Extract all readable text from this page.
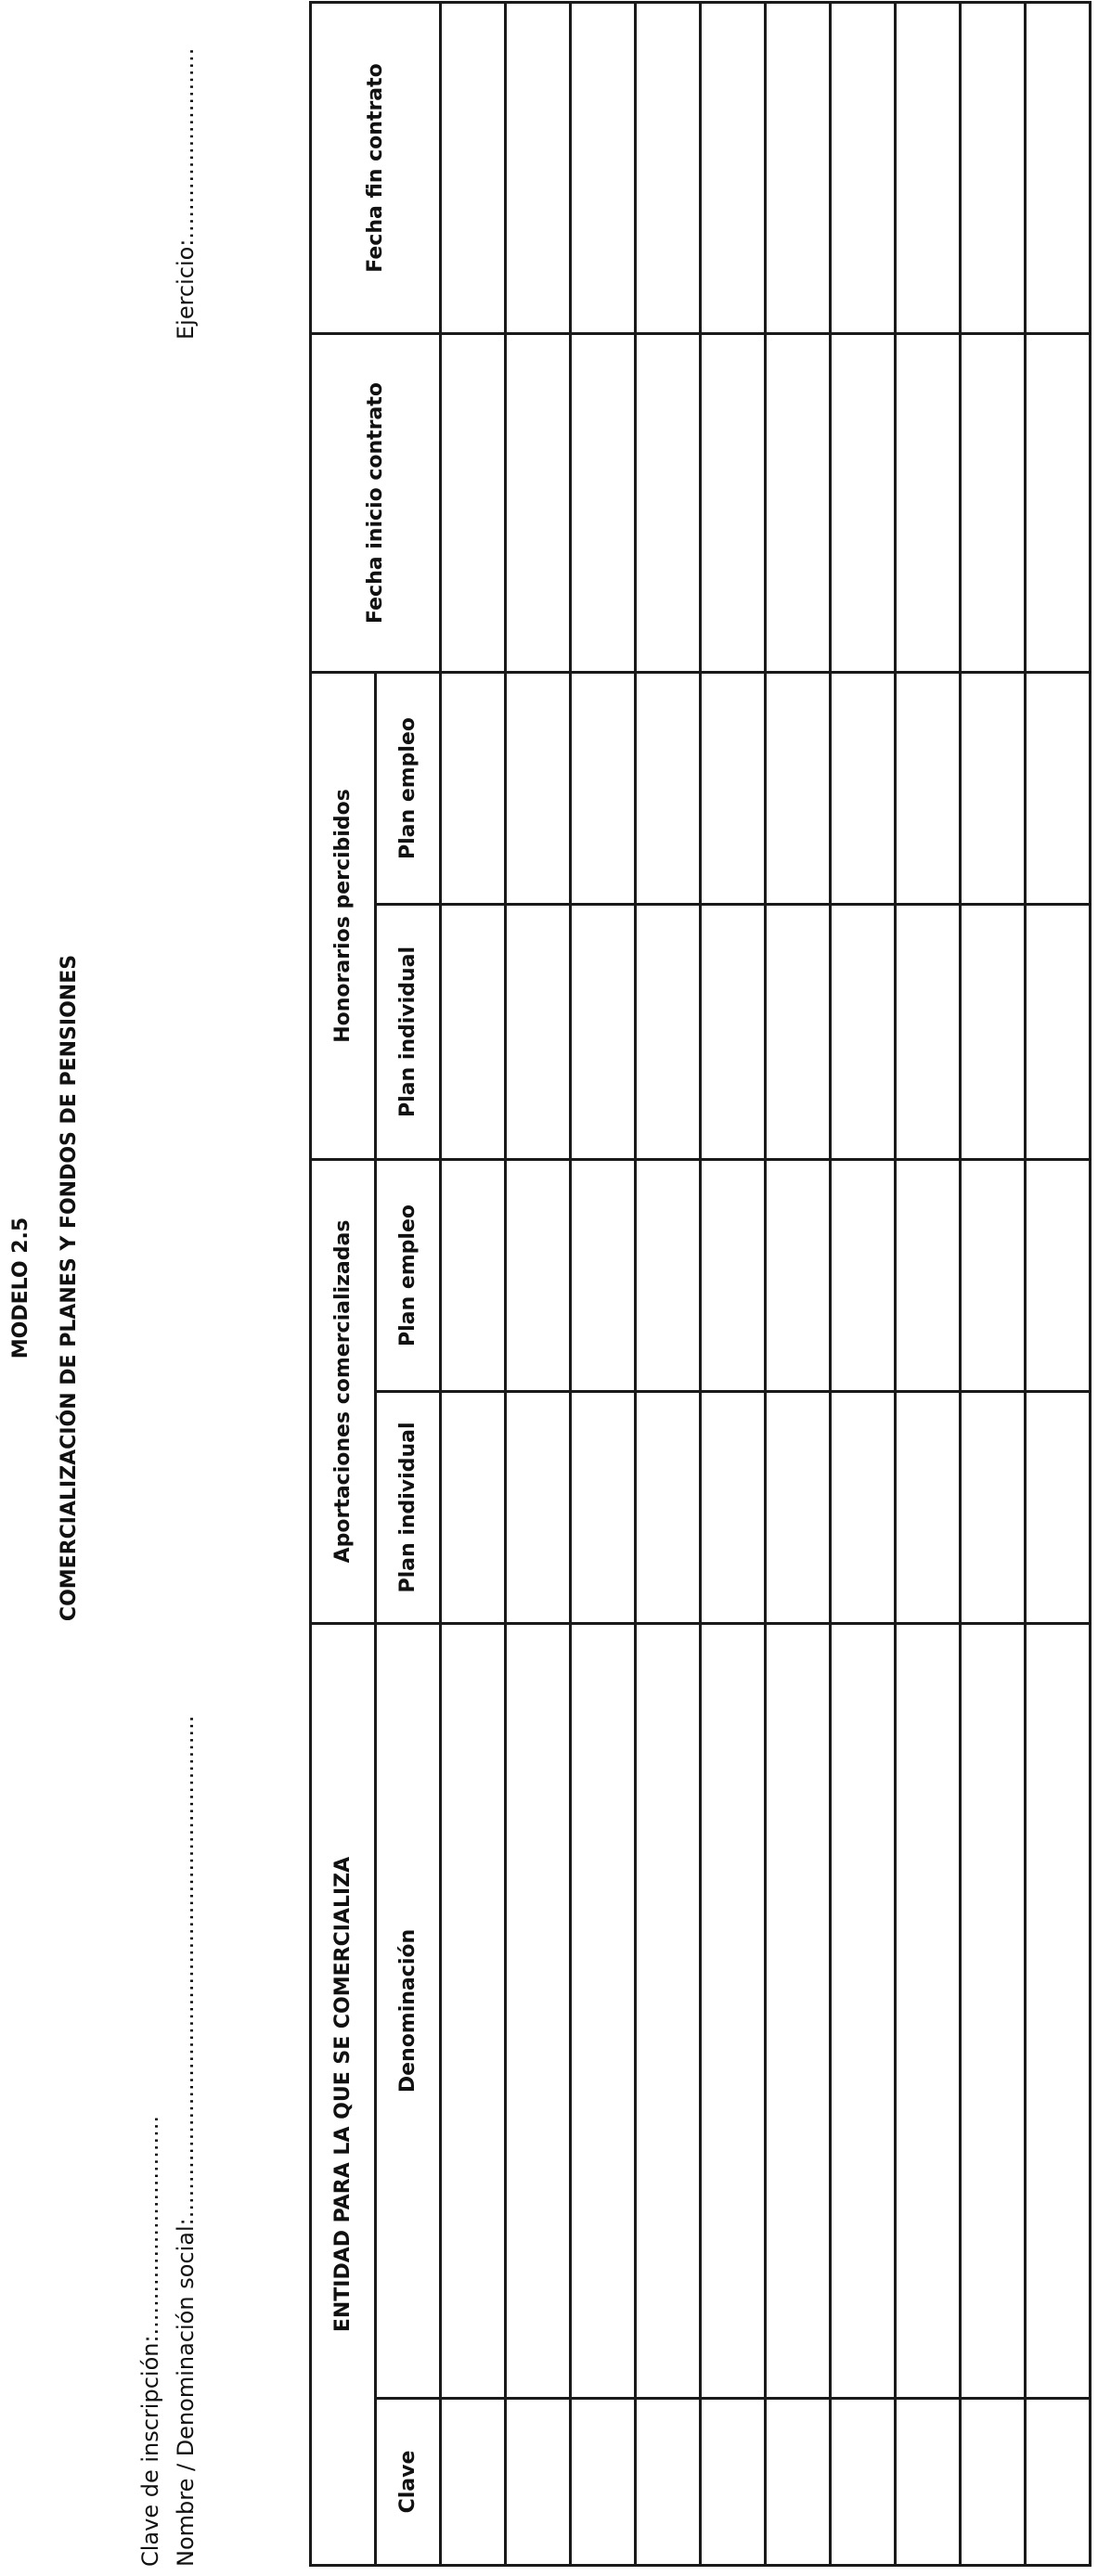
MODELO 2.5 COMERCIALIZACIÓN DE PLANES Y FONDOS DE PENSIONES
Clave de inscripción:............................... Nombre / Denominación social:.......................................................................
Ejercicio:...........................
ENTIDAD PARA LA QUE SE COMERCIALIZA		Aportaciones comercializadas		Honorarios percibidos		Fecha inicio contrato	Fecha fin contrato
Clave	Denominación	Plan individual	Plan empleo	Plan individual	Plan empleo		
